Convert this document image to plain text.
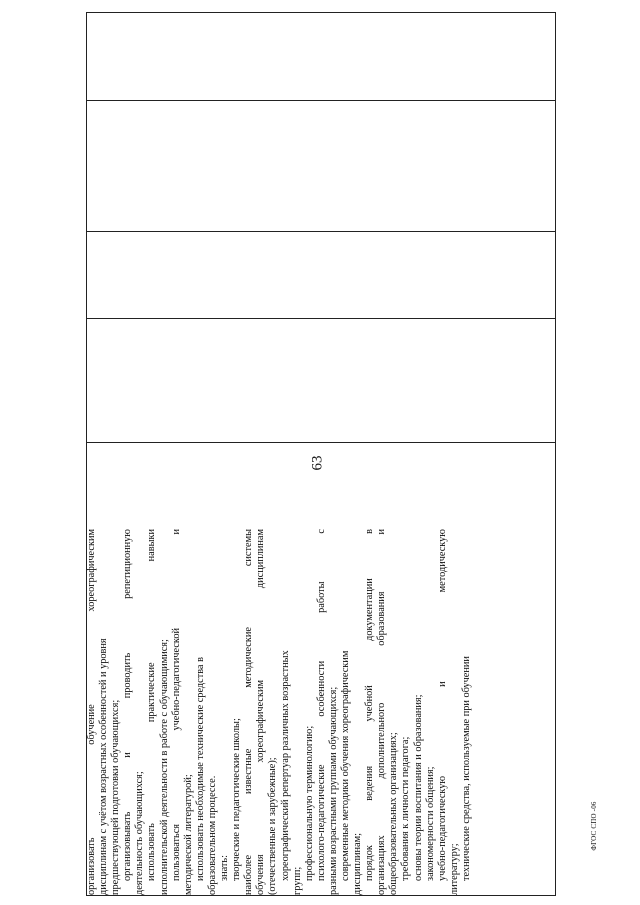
63
ФГОС СПО -06
организовать
обучение
хореографическим
дисциплинам с учётом возрастных особенностей и уровня предшествующей подготовки обучающихся; организовывать
и
проводить
репетиционную
деятельность обучающихся; использовать
практические
навыки
исполнительской деятельности в работе с обучающимися; пользоваться
учебно-педагогической
и
методической литературой; использовать необходимые технические средства в образовательном процессе. знать: творческие и педагогические школы; наиболее
известные
методические
системы
обучения
хореографическим
дисциплинам
(отечественные и зарубежные); хореографический репертуар различных возрастных групп; профессиональную терминологию; психолого-педагогические
особенности
работы
с
разными возрастными группами обучающихся; современные методики обучения хореографическим дисциплинам; порядок
ведения
учебной
документации
в
организациях
дополнительного
образования
и
общеобразовательных организациях; требования к личности педагога; основы теории воспитания и образования; закономерности общения; учебно-педагогическую
и
методическую
литературу; технические средства, используемые при обучении
